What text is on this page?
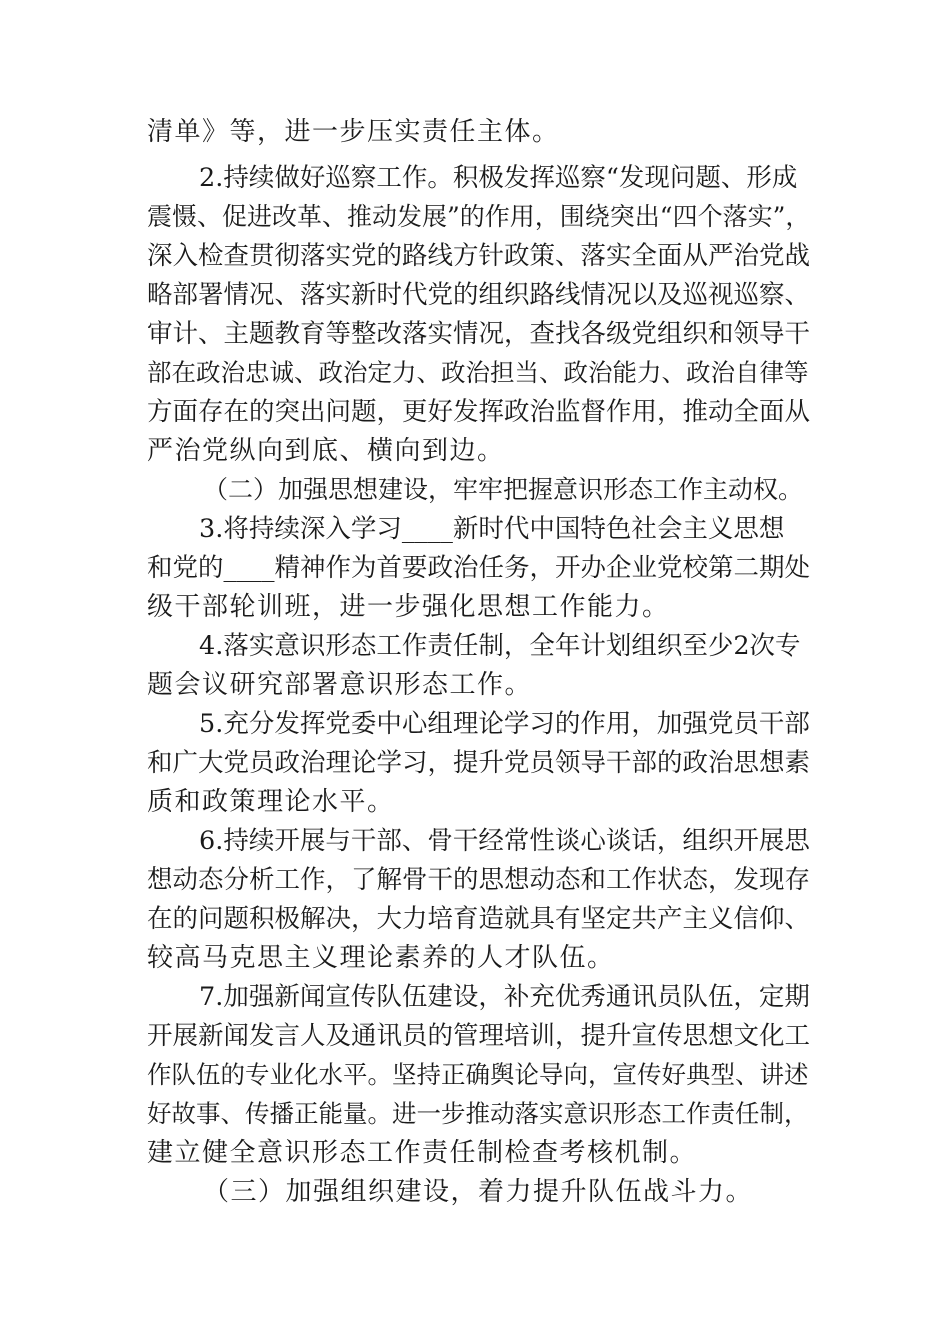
清单》等，进一步压实责任主体。
2.持续做好巡察工作。积极发挥巡察“发现问题、形成
震慑、促进改革、推动发展”的作用，围绕突出“四个落实”，
深入检查贯彻落实党的路线方针政策、落实全面从严治党战
略部署情况、落实新时代党的组织路线情况以及巡视巡察、
审计、主题教育等整改落实情况，查找各级党组织和领导干
部在政治忠诚、政治定力、政治担当、政治能力、政治自律等
方面存在的突出问题，更好发挥政治监督作用，推动全面从
严治党纵向到底、横向到边。
（二）加强思想建设，牢牢把握意识形态工作主动权。
3.将持续深入学习____新时代中国特色社会主义思想
和党的____精神作为首要政治任务，开办企业党校第二期处
级干部轮训班，进一步强化思想工作能力。
4.落实意识形态工作责任制，全年计划组织至少2次专
题会议研究部署意识形态工作。
5.充分发挥党委中心组理论学习的作用，加强党员干部
和广大党员政治理论学习，提升党员领导干部的政治思想素
质和政策理论水平。
6.持续开展与干部、骨干经常性谈心谈话，组织开展思
想动态分析工作，了解骨干的思想动态和工作状态，发现存
在的问题积极解决，大力培育造就具有坚定共产主义信仰、
较高马克思主义理论素养的人才队伍。
7.加强新闻宣传队伍建设，补充优秀通讯员队伍，定期
开展新闻发言人及通讯员的管理培训，提升宣传思想文化工
作队伍的专业化水平。坚持正确舆论导向，宣传好典型、讲述
好故事、传播正能量。进一步推动落实意识形态工作责任制，
建立健全意识形态工作责任制检查考核机制。
（三）加强组织建设，着力提升队伍战斗力。
